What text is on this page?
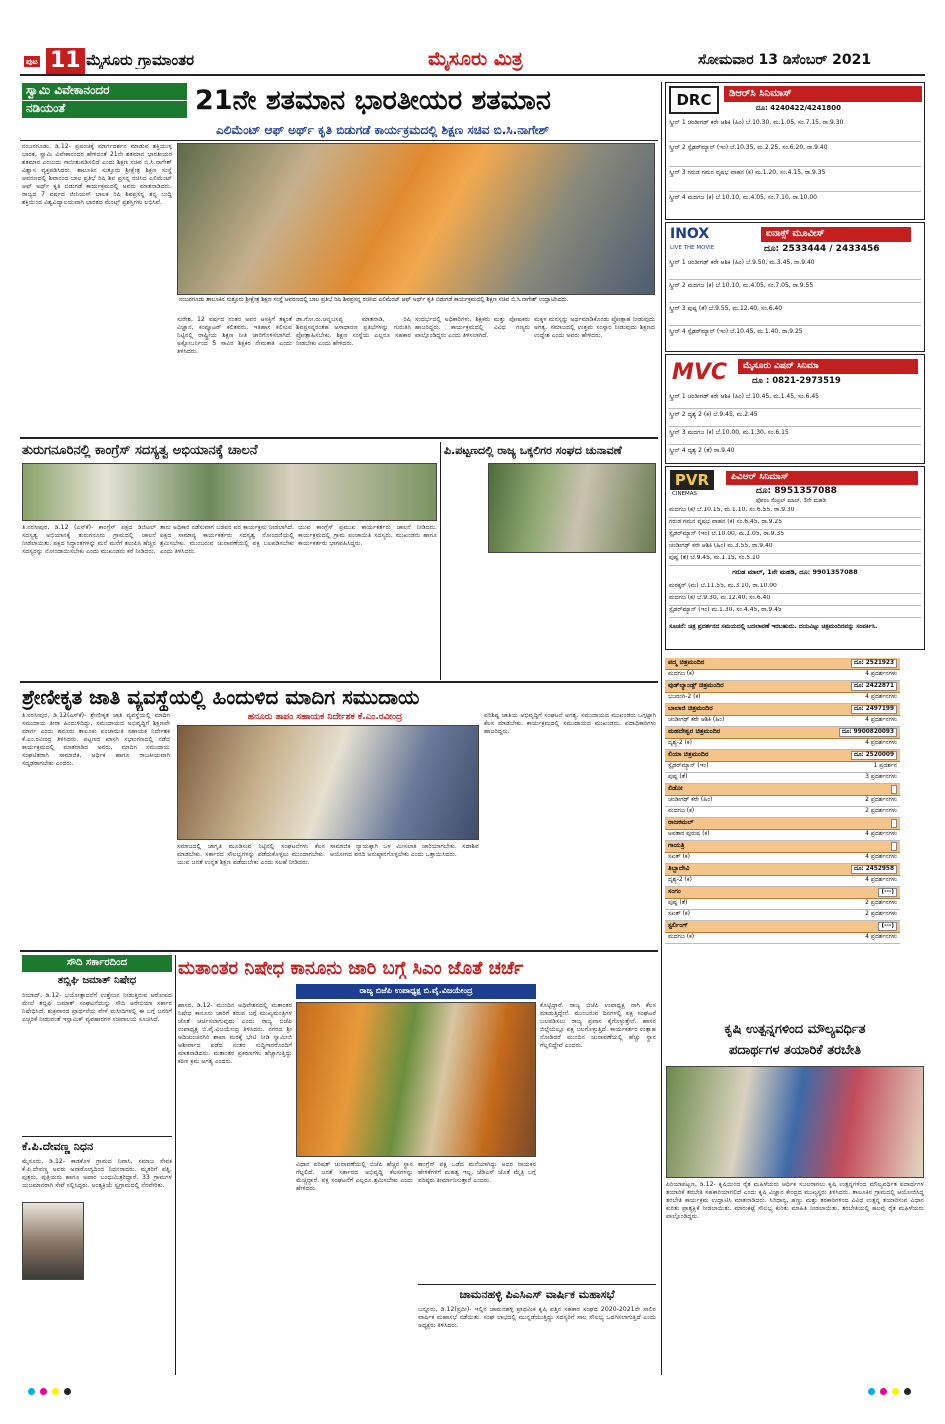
ಪುಟ 11 ಮೈಸೂರು ಗ್ರಾಮಾಂತರ	ಮೈಸೂರು ಮಿತ್ರ	ಸೋಮವಾರ 13 ಡಿಸೆಂಬರ್ 2021
ಸ್ವಾಮಿ ವಿವೇಕಾನಂದರ
ನಡಿಯಂತೆ	21ನೇ ಶತಮಾನ ಭಾರತೀಯರ ಶತಮಾನ
ಎಲಿಮೆಂಟ್ ಆಫ್ ಅರ್ಥ್ ಕೃತಿ ಬಿಡುಗಡೆ ಕಾರ್ಯಕ್ರಮದಲ್ಲಿ ಶಿಕ್ಷಣ ಸಚಿವ ಬಿ.ಸಿ.ನಾಗೇಶ್
ನಂಜನಗೂಡು, ಡಿ.12- ಪ್ರಪಂಚಕ್ಕೆ ಮಾರ್ಗದರ್ಶನ ಮಾಡುವ ಶಕ್ತಿಯುಳ್ಳ ಭಾರತ, ಸ್ವಾಮಿ ವಿವೇಕಾನಂದರ ಹೇಳಿದಂತೆ 21ನೇ ಶತಮಾನ ಭಾರತೀಯರ ಶತಮಾನ ಎಂಬುದು ಸಾಬೀತುಪಡಿಸಲಿದೆ ಎಂದು ಶಿಕ್ಷಣ ಸಚಿವ ಬಿ.ಸಿ.ನಾಗೇಶ್ ವಿಶ್ವಾಸ ವ್ಯಕ್ತಪಡಿಸಿದರು. ತಾಲೂಕಿನ ಸುತ್ತೂರು ಶ್ರೀಕ್ಷೇತ್ರ ಶಿಕ್ಷಣ ಸಂಸ್ಥೆ ಆವರಣದಲ್ಲಿ ಶಿವಾನಂದ ಬಾಲ ಪ್ರತಿಭೆ ರಿಷಿ ಶಿವ ಪ್ರಸನ್ನ ರಚಿಸಿದ ಎಲಿಮೆಂಟ್ ಆಫ್ ಅರ್ಥ್ ಕೃತಿ ಬಿಡುಗಡೆ ಕಾರ್ಯಕ್ರಮದಲ್ಲಿ ಅವರು ಮಾತನಾಡಿದರು. ರಾಜ್ಯದ 7 ವರ್ಷದ ಜೀನಿಯಸ್ ಬಾಲಕ ರಿಷಿ ಶಿವಪ್ರಸನ್ನ ತನ್ನ ಬುದ್ಧಿ ಶಕ್ತಿಯಿಂದ ವಿಶ್ವವಿದ್ಯಾಲಯವಾಗಿ ಭಾರತದ ಮೆಂಟ್ಸ್ ಪ್ರಶಸ್ತಿಗಳು ಲಭಿಸಿವೆ.
ನಂಜನಗೂಡು ತಾಲೂಕಿನ ಸುತ್ತೂರು ಶ್ರೀಕ್ಷೇತ್ರ ಶಿಕ್ಷಣ ಸಂಸ್ಥೆ ಆವರಣದಲ್ಲಿ ಬಾಲ ಪ್ರತಿಭೆ ರಿಷಿ ಶಿವಪ್ರಸನ್ನ ರಚಿಸಿದ ಎಲಿಮೆಂಟ್ ಆಫ್ ಅರ್ಥ್ ಕೃತಿ ಬಿಡುಗಡೆ ಕಾರ್ಯಕ್ರಮದಲ್ಲಿ ಶಿಕ್ಷಣ ಸಚಿವ ಬಿ.ಸಿ.ನಾಗೇಶ್ ಉದ್ಘಾಟಿಸಿದರು.
ಸುರೇಶ, 12 ವರ್ಷದ ನಂತರ ಅವರ ಆಸಕ್ತಿಗೆ ತಕ್ಕಂತೆ ವಿಜ್ಞಾನ, ಕಂಪ್ಯೂಟರ್ ಕಲಿತವರು, ಇತಿಹಾಸ ಕಲಿಸುವ ನಿಟ್ಟಿನಲ್ಲಿ ರಾಷ್ಟ್ರೀಯ ಶಿಕ್ಷಣ ನೀತಿ ಜಾರಿಗೊಳಿಸಲಾಗಿದೆ. ಅಕ್ಟೋಬರ್ನಿಂದ 5 ಸಾವಿರ ಶಿಕ್ಷಕರ ನೇಮಕಾತಿ ಎಂದು ತಿಳಿಸಿದರು.
ಡಾ.ಗೋ.ರು.ಚನ್ನಬಸಪ್ಪ ಮಾತನಾಡಿ, ರಿಷಿ ಶಿವಪ್ರಸನ್ನರಂತಹ ಅಸಾಧಾರಣ ಪ್ರತಿಭೆಗಳನ್ನು ಗುರುತಿಸಿ ಪ್ರೋತ್ಸಾಹಿಸಬೇಕು. ಶಿಕ್ಷಣ ಸಂಸ್ಥೆಯ ಎಲ್ಲರೂ ಸಹಕಾರ ನೀಡಬೇಕು ಎಂದು ಹೇಳಿದರು.
ಸಂದರ್ಭದಲ್ಲಿ ಅಧಿಕಾರಿಗಳು, ಶಿಕ್ಷಕರು ಮತ್ತು ಪೋಷಕರು ಹಾಜರಿದ್ದರು. ಕಾರ್ಯಕ್ರಮದಲ್ಲಿ ವಿವಿಧ ಗಣ್ಯರು ಪಾಲ್ಗೊಂಡಿದ್ದರು ಎಂದು ತಿಳಿಸಲಾಗಿದೆ.
ಮಕ್ಕಳ ಮನಸ್ಸನ್ನು ಅರ್ಥಮಾಡಿಕೊಂಡು ಪ್ರೋತ್ಸಾಹ ನೀಡುವುದು ಅಗತ್ಯ. ಸಮಾಜದಲ್ಲಿ ಉತ್ತಮ ಸಂಸ್ಕಾರ ನೀಡುವುದು ಶಿಕ್ಷಣದ ಉದ್ದೇಶ ಎಂದು ಅವರು ಹೇಳಿದರು.
ತುರುಗನೂರಿನಲ್ಲಿ ಕಾಂಗ್ರೆಸ್ ಸದಸ್ಯತ್ವ ಅಭಿಯಾನಕ್ಕೆ ಚಾಲನೆ
ತಿ.ನರಸೀಪುರ, ಡಿ.12 (ಎಸ್‌ಕೆ)- ಕಾಂಗ್ರೆಸ್ ಪಕ್ಷದ ಡಿಜಿಟಲ್ ಸದಸ್ಯತ್ವ ಅಭಿಯಾನಕ್ಕೆ ತುರುಗನೂರು ಗ್ರಾಮದಲ್ಲಿ ಚಾಲನೆ ನೀಡಲಾಯಿತು. ಪಕ್ಷದ ಸಿದ್ಧಾಂತಗಳನ್ನು ಮನೆ ಮನೆಗೆ ತಲುಪಿಸಿ ಹೆಚ್ಚಿನ ಸದಸ್ಯರನ್ನು ನೋಂದಾಯಿಸಬೇಕು ಎಂದು ಮುಖಂಡರು ಕರೆ ನೀಡಿದರು.
ತಾನು ಅಧಿಕಾರ ನಡೆಸುವಾಗ ಬಡವರ ಪರ ಕಾರ್ಯಕ್ರಮ ನೀಡಲಾಗಿದೆ. ಪಕ್ಷದ ಸಾಮಾನ್ಯ ಕಾರ್ಯಕರ್ತರು ಸದಸ್ಯತ್ವ ನೋಂದಣಿಯಲ್ಲಿ ಶ್ರಮಿಸಬೇಕು. ಮುಂಬರುವ ಚುನಾವಣೆಯಲ್ಲಿ ಪಕ್ಷ ಬಲಪಡಿಸಬೇಕು ಎಂದು ತಿಳಿಸಿದರು.
ಯುವ ಕಾಂಗ್ರೆಸ್ ಪ್ರಮುಖ ಕಾರ್ಯಕರ್ತರು ಚಾಲನೆ ನೀಡಿದರು. ಕಾರ್ಯಕ್ರಮದಲ್ಲಿ ಗ್ರಾಮ ಪಂಚಾಯಿತಿ ಸದಸ್ಯರು, ಮುಖಂಡರು ಹಾಗೂ ಕಾರ್ಯಕರ್ತರು ಭಾಗವಹಿಸಿದ್ದರು.
ಪಿ.ಪಟ್ಟಣದಲ್ಲಿ ರಾಜ್ಯ ಒಕ್ಕಲಿಗರ ಸಂಘದ ಚುನಾವಣೆ
ಶ್ರೇಣೀಕೃತ ಜಾತಿ ವ್ಯವಸ್ಥೆಯಲ್ಲಿ ಹಿಂದುಳಿದ ಮಾದಿಗ ಸಮುದಾಯ
ಹನೂರು ತಾಪಂ ಸಹಾಯಕ ನಿರ್ದೇಶಕ ಕೆ.ಎಂ.ರವೀಂದ್ರ
ತಿ.ನರಸೀಪುರ, ಡಿ.12(ಎಸ್‌ಕೆ)- ಶ್ರೇಣೀಕೃತ ಜಾತಿ ವ್ಯವಸ್ಥೆಯಲ್ಲಿ ಮಾದಿಗ ಸಮುದಾಯ ತೀರಾ ಹಿಂದುಳಿದಿದ್ದು, ಸಮುದಾಯದ ಅಭಿವೃದ್ಧಿಗೆ ಶಿಕ್ಷಣವೇ ಮಾರ್ಗ ಎಂದು ಹನೂರು ತಾಲೂಕು ಪಂಚಾಯಿತಿ ಸಹಾಯಕ ನಿರ್ದೇಶಕ ಕೆ.ಎಂ.ರವೀಂದ್ರ ತಿಳಿಸಿದರು. ಪಟ್ಟಣದ ಖಾಸಗಿ ಸಭಾಂಗಣದಲ್ಲಿ ನಡೆದ ಕಾರ್ಯಕ್ರಮದಲ್ಲಿ ಮಾತನಾಡಿದ ಅವರು, ಮಾದಿಗ ಸಮುದಾಯ ಸಂಘಟಿತರಾಗಿ ಸಾಮಾಜಿಕ, ಆರ್ಥಿಕ ಹಾಗೂ ರಾಜಕೀಯವಾಗಿ ಸದೃಢರಾಗಬೇಕು ಎಂದರು.
ಸಮಾಜದಲ್ಲಿ ಜಾಗೃತಿ ಮೂಡಿಸುವ ನಿಟ್ಟಿನಲ್ಲಿ ಸಂಘಟನೆಗಳು ಕೆಲಸ ಮಾಡಬೇಕು. ಸರ್ಕಾರದ ಸೌಲಭ್ಯಗಳನ್ನು ಪಡೆದುಕೊಳ್ಳಲು ಮುಂದಾಗಬೇಕು. ಯುವ ಜನತೆ ಉನ್ನತ ಶಿಕ್ಷಣ ಪಡೆಯಬೇಕು ಎಂದು ಸಲಹೆ ನೀಡಿದರು.
ಸಾಮಾಜಿಕ ನ್ಯಾಯಕ್ಕಾಗಿ ಒಳ ಮೀಸಲಾತಿ ಜಾರಿಯಾಗಬೇಕು. ಸದಾಶಿವ ಆಯೋಗದ ವರದಿ ಅನುಷ್ಠಾನಗೊಳ್ಳಬೇಕು ಎಂದು ಒತ್ತಾಯಿಸಿದರು.
ಪರಿಶಿಷ್ಟ ಜಾತಿಯ ಅಭಿವೃದ್ಧಿಗೆ ಸಂಘಟನೆ ಅಗತ್ಯ. ಸಮುದಾಯದ ಮುಖಂಡರು ಒಗ್ಗಟ್ಟಾಗಿ ಕೆಲಸ ಮಾಡಬೇಕು. ಕಾರ್ಯಕ್ರಮದಲ್ಲಿ ಸಮುದಾಯದ ಮುಖಂಡರು, ಪದಾಧಿಕಾರಿಗಳು ಹಾಜರಿದ್ದರು.
ಸೌದಿ ಸರ್ಕಾರದಿಂದ
ತಬ್ಲಿಘಿ ಜಮಾತ್ ನಿಷೇಧ
ರಿಯಾದ್, ಡಿ.12- ಭಯೋತ್ಪಾದನೆಗೆ ಉತ್ತೇಜನ ನೀಡುತ್ತಿರುವ ಆರೋಪದ ಮೇಲೆ ತಬ್ಲಿಘಿ ಜಮಾತ್ ಸಂಘಟನೆಯನ್ನು ಸೌದಿ ಅರೇಬಿಯಾ ಸರ್ಕಾರ ನಿಷೇಧಿಸಿದೆ. ಶುಕ್ರವಾರದ ಪ್ರಾರ್ಥನೆಯ ವೇಳೆ ಮಸೀದಿಗಳಲ್ಲಿ ಈ ಬಗ್ಗೆ ಜನರಿಗೆ ಎಚ್ಚರಿಕೆ ನೀಡುವಂತೆ ಇಸ್ಲಾಮಿಕ್ ವ್ಯವಹಾರಗಳ ಸಚಿವಾಲಯ ಸೂಚಿಸಿದೆ.
ಕೆ.ಪಿ.ದೇವಣ್ಣ ನಿಧನ
ಮೈಸೂರು, ಡಿ.12- ಕಾಡಕೊಳ ಗ್ರಾಮದ ನಿವಾಸಿ, ಸಮಾಜ ಸೇವಕ ಕೆ.ಪಿ.ದೇವಣ್ಣ ಅವರು ಅನಾರೋಗ್ಯದಿಂದ ನಿಧನರಾದರು. ಮೃತರಿಗೆ ಪತ್ನಿ, ಪುತ್ರರು, ಪುತ್ರಿಯರು ಹಾಗೂ ಅಪಾರ ಬಂಧುಮಿತ್ರರಿದ್ದಾರೆ. 33 ಗ್ರಾಮಗಳ ಯಜಮಾನರಾಗಿ ಸೇವೆ ಸಲ್ಲಿಸಿದ್ದರು. ಅಂತ್ಯಕ್ರಿಯೆ ಸ್ವಗ್ರಾಮದಲ್ಲಿ ನೆರವೇರಿತು.
ಮತಾಂತರ ನಿಷೇಧ ಕಾನೂನು ಜಾರಿ ಬಗ್ಗೆ ಸಿಎಂ ಜೊತೆ ಚರ್ಚೆ
ರಾಜ್ಯ ಬಿಜೆಪಿ ಉಪಾಧ್ಯಕ್ಷ ಬಿ.ವೈ.ವಿಜಯೇಂದ್ರ
ಹಾಸನ, ಡಿ.12- ಮುಂದಿನ ಅಧಿವೇಶನದಲ್ಲಿ ಮತಾಂತರ ನಿಷೇಧ ಕಾನೂನು ಜಾರಿಗೆ ತರುವ ಬಗ್ಗೆ ಮುಖ್ಯಮಂತ್ರಿಗಳ ಜೊತೆ ಚರ್ಚಿಸಲಾಗುವುದು ಎಂದು ರಾಜ್ಯ ಬಿಜೆಪಿ ಉಪಾಧ್ಯಕ್ಷ ಬಿ.ವೈ.ವಿಜಯೇಂದ್ರ ತಿಳಿಸಿದರು. ನಗರದ ಶ್ರೀ ಆದಿಚುಂಚನಗಿರಿ ಶಾಖಾ ಮಠಕ್ಕೆ ಭೇಟಿ ನೀಡಿ ಸ್ವಾಮೀಜಿ ಆಶೀರ್ವಾದ ಪಡೆದ ನಂತರ ಸುದ್ದಿಗಾರರೊಂದಿಗೆ ಮಾತನಾಡಿದರು. ಮತಾಂತರ ಪ್ರಕರಣಗಳು ಹೆಚ್ಚಾಗುತ್ತಿದ್ದು ಕಠಿಣ ಕ್ರಮ ಅಗತ್ಯ ಎಂದರು.
ವಿಧಾನ ಪರಿಷತ್ ಚುನಾವಣೆಯಲ್ಲಿ ಬಿಜೆಪಿ ಹೆಚ್ಚಿನ ಸ್ಥಾನ ಗೆಲ್ಲಲಿದೆ. ಜನತೆ ಸರ್ಕಾರದ ಅಭಿವೃದ್ಧಿ ಕೆಲಸಗಳನ್ನು ಮೆಚ್ಚಿದ್ದಾರೆ. ಪಕ್ಷ ಸಂಘಟನೆಗೆ ಎಲ್ಲರೂ ಶ್ರಮಿಸಬೇಕು ಎಂದು ಹೇಳಿದರು.
ಕಾಂಗ್ರೆಸ್ ಪಕ್ಷ ಒಡೆದ ಮನೆಯಾಗಿದ್ದು ಅದರ ನಾಯಕರ ಹೇಳಿಕೆಗಳಿಗೆ ಮಹತ್ವ ಇಲ್ಲ. ಜೆಡಿಎಸ್ ಜೊತೆ ಮೈತ್ರಿ ಬಗ್ಗೆ ವರಿಷ್ಠರು ತೀರ್ಮಾನಿಸುತ್ತಾರೆ ಎಂದರು.
ಕೊಟ್ಟಿದ್ದಾರೆ. ರಾಜ್ಯ ಬಿಜೆಪಿ ಉಪಾಧ್ಯಕ್ಷ ನಾಗಿ ಕೆಲಸ ಮಾಡುತ್ತಿದ್ದೇನೆ. ಮುಂಬರುವ ದಿನಗಳಲ್ಲಿ ಪಕ್ಷ ಸಂಘಟನೆ ಬಲಪಡಿಸಲು ರಾಜ್ಯ ಪ್ರವಾಸ ಕೈಗೊಳ್ಳುತ್ತೇನೆ. ಹಾಸನ ಜಿಲ್ಲೆಯಲ್ಲೂ ಪಕ್ಷ ಬಲಗೊಳ್ಳುತ್ತಿದೆ. ಕಾರ್ಯಕರ್ತರ ಉತ್ಸಾಹ ನೋಡಿದರೆ ಮುಂದಿನ ಚುನಾವಣೆಯಲ್ಲಿ ಹೆಚ್ಚು ಸ್ಥಾನ ಗೆಲ್ಲಲಿದ್ದೇವೆ ಎಂದರು.
ಚಾಮನಹಳ್ಳಿ ಪಿಎಸಿಎಸ್ ವಾರ್ಷಿಕ ಮಹಾಸಭೆ
ಬನ್ನೂರು, ಡಿ.12(ಪ್ರದೀ)- ಇಲ್ಲಿನ ಚಾಮನಹಳ್ಳಿ ಪ್ರಾಥಮಿಕ ಕೃಷಿ ಪತ್ತಿನ ಸಹಕಾರ ಸಂಘದ 2020-2021ನೇ ಸಾಲಿನ ವಾರ್ಷಿಕ ಮಹಾಸಭೆ ನಡೆಯಿತು. ಸಂಘ ಲಾಭದಲ್ಲಿ ಮುನ್ನಡೆಯುತ್ತಿದ್ದು ಸದಸ್ಯರಿಗೆ ಸಾಲ ಸೌಲಭ್ಯ ಒದಗಿಸಲಾಗುತ್ತಿದೆ ಎಂದು ಅಧ್ಯಕ್ಷರು ತಿಳಿಸಿದರು.
DRC	ಡಿಆರ್‌ಸಿ ಸಿನಿಮಾಸ್
ದೂ: 4240422/4241800
ಸ್ಕ್ರೀನ್ 1 ಚಂಡೀಗಢ್ ಕರೇ ಆಶಿಕಿ (ಹಿಂ) ಬೆ.10.30, ಮ.1.05, ಸಂ.7.15, ರಾ.9.30
ಸ್ಕ್ರೀನ್ 2 ಸ್ಪೈಡರ್‌ಮ್ಯಾನ್ (ಇಂ) ಬೆ.10.35, ಮ.2.25, ಸಂ.6.20, ರಾ.9.40
ಸ್ಕ್ರೀನ್ 3 ಗರುಡ ಗಮನ ವೃಷಭ ವಾಹನ (ಕ) ಮ.1.20, ಸಂ.4.15, ರಾ.9.35
ಸ್ಕ್ರೀನ್ 4 ಮದಗಜ (ಕ) ಬೆ.10.10, ಮ.4.05, ಸಂ.7.10, ರಾ.10.00
INOX
LIVE THE MOVIE
ಐನಾಕ್ಸ್ ಮೂವೀಸ್
ದೂ: 2533444 / 2433456
ಸ್ಕ್ರೀನ್ 1 ಚಂಡೀಗಢ್ ಕರೇ ಆಶಿಕಿ (ಹಿಂ) ಬೆ.9.50, ಮ.3.45, ರಾ.9.40
ಸ್ಕ್ರೀನ್ 2 ಮದಗಜ (ಕ) ಬೆ.10.10, ಮ.4.05, ಸಂ.7.05, ರಾ.9.55
ಸ್ಕ್ರೀನ್ 3 ಪುಷ್ಪ (ತೆ) ಬೆ.9.55, ಮ.12.40, ಸಂ.6.40
ಸ್ಕ್ರೀನ್ 4 ಸ್ಪೈಡರ್‌ಮ್ಯಾನ್ (ಇಂ) ಬೆ.10.45, ಮ.1.40, ರಾ.9.25
MVC	ಮೈಸೂರು ವಿಷನ್ ಸಿನಿಮಾ
ದೂ : 0821-2973519
ಸ್ಕ್ರೀನ್ 1 ಚಂಡೀಗಢ್ ಕರೇ ಆಶಿಕಿ (ಹಿಂ) ಬೆ.10.45, ಮ.1.45, ಸಂ.6.45
ಸ್ಕ್ರೀನ್ 2 ದೃಶ್ಯ 2 (ಕ) ಬೆ.9.45, ಮ.2.45
ಸ್ಕ್ರೀನ್ 3 ಮದಗಜ (ಕ) ಬೆ.10.00, ಮ.1.30, ಸಂ.6.15
ಸ್ಕ್ರೀನ್ 4 ದೃಶ್ಯ 2 (ತೆ) ರಾ.9.40
PVR
CINEMAS
ಪಿವಿಆರ್ ಸಿನಿಮಾಸ್
ದೂ: 8951357088
ಫೋರಂ ಸೆಂಟ್ರಲ್ ಮಾಲ್, 3ನೇ ಮಹಡಿ
ಮದಗಜ (ಕ) ಬೆ.10.15, ಮ.1.10, ಸಂ.6.55, ರಾ.9.30
ಗರುಡ ಗಮನ ವೃಷಭ ವಾಹನ (ಕ) ಸಂ.6.45, ರಾ.9.25
ಸ್ಪೈಡರ್‌ಮ್ಯಾನ್ (ಇಂ) ಬೆ.10.00, ಮ.1.05, ರಾ.9.35
ಚಂಡೀಗಢ್ ಕರೇ ಆಶಿಕಿ (ಹಿಂ) ಮ.3.55, ರಾ.9.40
ಪುಷ್ಪ (ತೆ) ಬೆ.9.45, ಮ.1.15, ಸಂ.5.10
ಗರುಡ ಮಾಲ್, 1ನೇ ಮಹಡಿ, ದೂ: 9901357088
ಮರಕ್ಕರ್ (ಮ) ಬೆ.11.55, ಮ.3.10, ರಾ.10.00
ಮದಗಜ (ಕ) ಬೆ.9.30, ಮ.12.40, ಸಂ.6.40
ಸ್ಪೈಡರ್‌ಮ್ಯಾನ್ (ಇಂ) ಮ.1.30, ಸಂ.4.45, ರಾ.9.45
ಸೂಚನೆ: ಚಿತ್ರ ಪ್ರದರ್ಶನದ ಸಮಯದಲ್ಲಿ ಬದಲಾವಣೆ ಇರಬಹುದು. ದಯವಿಟ್ಟು ಚಿತ್ರಮಂದಿರವನ್ನು ಸಂಪರ್ಕಿಸಿ.
ಪದ್ಮ ಚಿತ್ರಮಂದಿರ	ದೂ: 2521923
ಮದಗಜ (ಕ)	4 ಪ್ರದರ್ಶನಗಳು
ವುಡ್‌ಲ್ಯಾಂಡ್ಸ್ ಚಿತ್ರಮಂದಿರ	ದೂ: 2422871
ಭಜರಂಗಿ-2 (ಕ)	4 ಪ್ರದರ್ಶನಗಳು
ಬಾಲಾಜಿ ಚಿತ್ರಮಂದಿರ	ದೂ: 2497199
ಚಂಡೀಗಢ್ ಕರೇ ಆಶಿಕಿ (ಹಿಂ)	4 ಪ್ರದರ್ಶನಗಳು
ಮಹದೇಶ್ವರ ಚಿತ್ರಮಂದಿರ	ದೂ: 9900820093
ದೃಶ್ಯ-2 (ಕ)	4 ಪ್ರದರ್ಶನಗಳು
ಲಿಯಾ ಚಿತ್ರಮಂದಿರ	ದೂ: 2520009
ಸ್ಪೈಡರ್‌ಮ್ಯಾನ್ (ಇಂ)	1 ಪ್ರದರ್ಶನ
ಪುಷ್ಪ (ತೆ)	3 ಪ್ರದರ್ಶನಗಳು
ಲಿಡೋ
ಚಂಡೀಗಢ್ ಕರೇ (ಹಿಂ)	2 ಪ್ರದರ್ಶನಗಳು
ಮದಗಜ (ಕ)	2 ಪ್ರದರ್ಶನಗಳು
ರಾಜಕಮಲ್
ಅವತಾರ ಪುರುಷ (ಕ)	4 ಪ್ರದರ್ಶನಗಳು
ಗಾಯತ್ರಿ
ಸಖತ್ (ಕ)	4 ಪ್ರದರ್ಶನಗಳು
ತಿಬ್ಬಾದೇವಿ	ದೂ: 2452958
ದೃಶ್ಯ-2 (ಕ)	4 ಪ್ರದರ್ಶನಗಳು
ಸಂಗಂ	(---)
ಪುಷ್ಪ (ತೆ)	2 ಪ್ರದರ್ಶನಗಳು
ಸಖತ್ (ಕ)	2 ಪ್ರದರ್ಶನಗಳು
ಸ್ಟರ್ಲಿಂಗ್	(---)
ಮದಗಜ (ಕ)	4 ಪ್ರದರ್ಶನಗಳು
ಕೃಷಿ ಉತ್ಪನ್ನಗಳಿಂದ ಮೌಲ್ಯವರ್ಧಿತ
ಪದಾರ್ಥಗಳ ತಯಾರಿಕೆ ತರಬೇತಿ
ಪಿರಿಯಾಪಟ್ಟಣ, ಡಿ.12- ಕೃಷಿಯಿಂದ ರೈತ ಮಹಿಳೆಯರು ಆರ್ಥಿಕ ಸಬಲರಾಗಲು ಕೃಷಿ ಉತ್ಪನ್ನಗಳಿಂದ ಮೌಲ್ಯವರ್ಧಿತ ಪದಾರ್ಥಗಳ ತಯಾರಿಕೆ ತರಬೇತಿ ಸಹಕಾರಿಯಾಗಲಿದೆ ಎಂದು ಕೃಷಿ ವಿಜ್ಞಾನ ಕೇಂದ್ರದ ಮುಖ್ಯಸ್ಥರು ತಿಳಿಸಿದರು. ತಾಲೂಕಿನ ಗ್ರಾಮದಲ್ಲಿ ಆಯೋಜಿಸಿದ್ದ ತರಬೇತಿ ಕಾರ್ಯಕ್ರಮ ಉದ್ಘಾಟಿಸಿ ಮಾತನಾಡಿದರು. ಸಿರಿಧಾನ್ಯ, ಹಣ್ಣು ಮತ್ತು ತರಕಾರಿಗಳಿಂದ ವಿವಿಧ ಉತ್ಪನ್ನ ತಯಾರಿಸುವ ವಿಧಾನ ಕುರಿತು ಪ್ರಾತ್ಯಕ್ಷಿಕೆ ನೀಡಲಾಯಿತು. ಮಾರುಕಟ್ಟೆ ಸೌಲಭ್ಯ ಕುರಿತು ಮಾಹಿತಿ ನೀಡಲಾಯಿತು. ತರಬೇತಿಯಲ್ಲಿ ಹಲವು ರೈತ ಮಹಿಳೆಯರು ಪಾಲ್ಗೊಂಡಿದ್ದರು.
